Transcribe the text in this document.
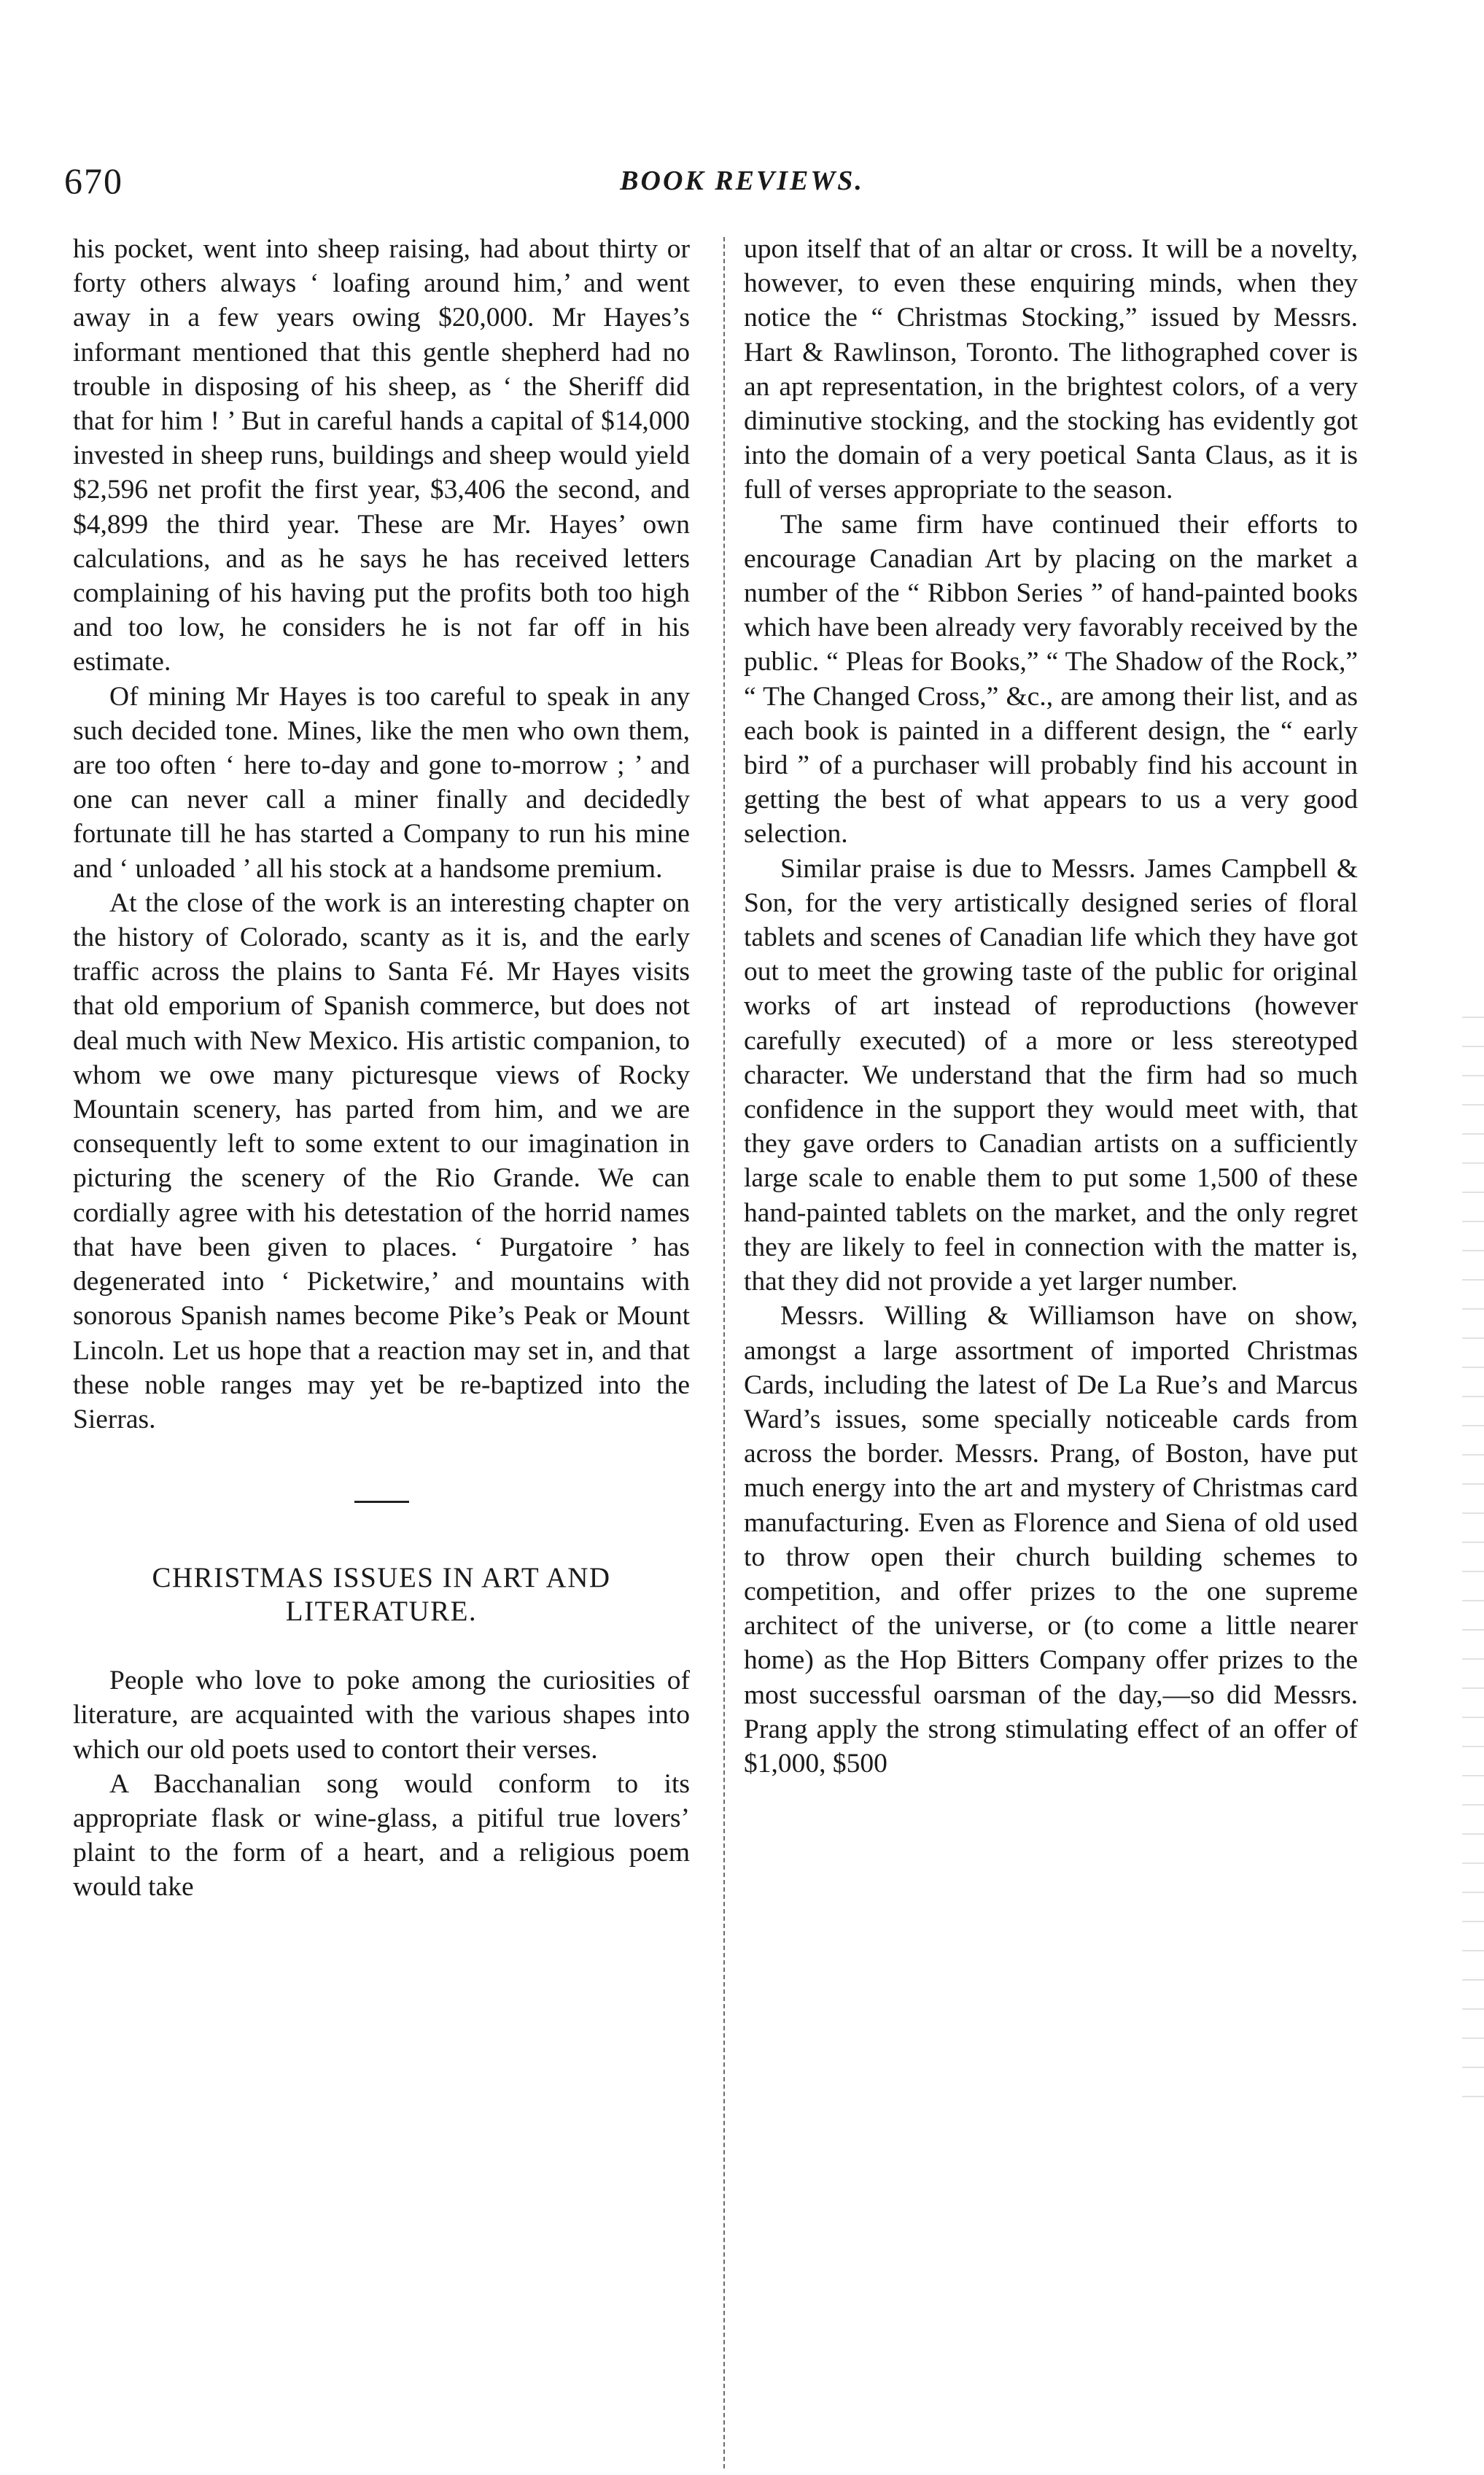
670	BOOK REVIEWS.

his pocket, went into sheep raising, had about thirty or forty others always ‘ loafing around him,’ and went away in a few years owing $20,000. Mr Hayes’s informant mentioned that this gentle shepherd had no trouble in disposing of his sheep, as ‘ the Sheriff did that for him ! ’ But in careful hands a capital of $14,000 invested in sheep runs, buildings and sheep would yield $2,596 net profit the first year, $3,406 the second, and $4,899 the third year. These are Mr. Hayes’ own calculations, and as he says he has received letters complaining of his having put the profits both too high and too low, he considers he is not far off in his estimate.

Of mining Mr Hayes is too careful to speak in any such decided tone. Mines, like the men who own them, are too often ‘ here to-day and gone to-morrow ; ’ and one can never call a miner finally and decidedly fortunate till he has started a Company to run his mine and ‘ unloaded ’ all his stock at a handsome premium.

At the close of the work is an interesting chapter on the history of Colorado, scanty as it is, and the early traffic across the plains to Santa Fé. Mr Hayes visits that old emporium of Spanish commerce, but does not deal much with New Mexico. His artistic companion, to whom we owe many picturesque views of Rocky Mountain scenery, has parted from him, and we are consequently left to some extent to our imagination in picturing the scenery of the Rio Grande. We can cordially agree with his detestation of the horrid names that have been given to places. ‘ Purgatoire ’ has degenerated into ‘ Picketwire,’ and mountains with sonorous Spanish names become Pike’s Peak or Mount Lincoln. Let us hope that a reaction may set in, and that these noble ranges may yet be re-baptized into the Sierras.

CHRISTMAS ISSUES IN ART AND
LITERATURE.

People who love to poke among the curiosities of literature, are acquainted with the various shapes into which our old poets used to contort their verses.

A Bacchanalian song would conform to its appropriate flask or wine-glass, a pitiful true lovers’ plaint to the form of a heart, and a religious poem would take

upon itself that of an altar or cross. It will be a novelty, however, to even these enquiring minds, when they notice the “ Christmas Stocking,” issued by Messrs. Hart & Rawlinson, Toronto. The lithographed cover is an apt representation, in the brightest colors, of a very diminutive stocking, and the stocking has evidently got into the domain of a very poetical Santa Claus, as it is full of verses appropriate to the season.

The same firm have continued their efforts to encourage Canadian Art by placing on the market a number of the “ Ribbon Series ” of hand-painted books which have been already very favorably received by the public. “ Pleas for Books,” “ The Shadow of the Rock,” “ The Changed Cross,” &c., are among their list, and as each book is painted in a different design, the “ early bird ” of a purchaser will probably find his account in getting the best of what appears to us a very good selection.

Similar praise is due to Messrs. James Campbell & Son, for the very artistically designed series of floral tablets and scenes of Canadian life which they have got out to meet the growing taste of the public for original works of art instead of reproductions (however carefully executed) of a more or less stereotyped character. We understand that the firm had so much confidence in the support they would meet with, that they gave orders to Canadian artists on a sufficiently large scale to enable them to put some 1,500 of these hand-painted tablets on the market, and the only regret they are likely to feel in connection with the matter is, that they did not provide a yet larger number.

Messrs. Willing & Williamson have on show, amongst a large assortment of imported Christmas Cards, including the latest of De La Rue’s and Marcus Ward’s issues, some specially noticeable cards from across the border. Messrs. Prang, of Boston, have put much energy into the art and mystery of Christmas card manufacturing. Even as Florence and Siena of old used to throw open their church building schemes to competition, and offer prizes to the one supreme architect of the universe, or (to come a little nearer home) as the Hop Bitters Company offer prizes to the most successful oarsman of the day,—so did Messrs. Prang apply the strong stimulating effect of an offer of $1,000, $500
